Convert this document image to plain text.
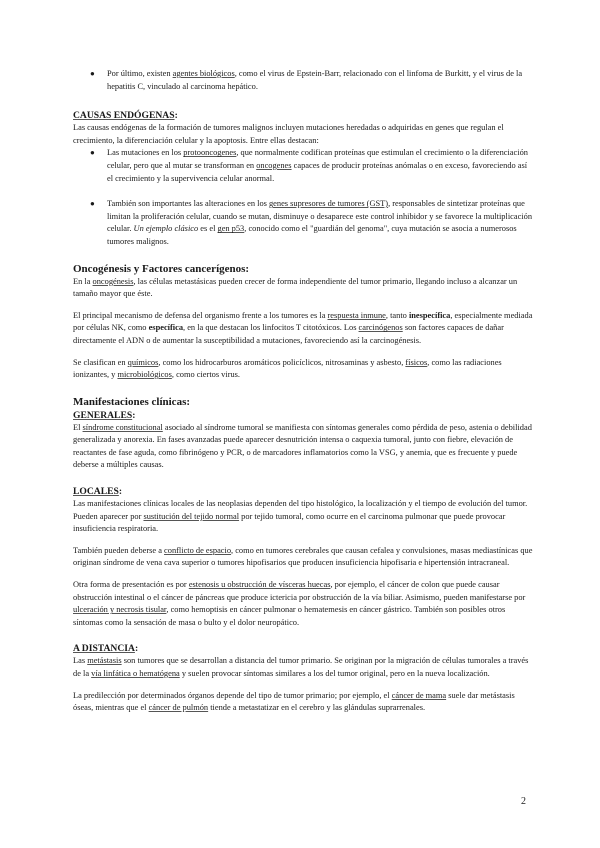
● Por último, existen agentes biológicos, como el virus de Epstein-Barr, relacionado con el linfoma de Burkitt, y el virus de la hepatitis C, vinculado al carcinoma hepático.

CAUSAS ENDÓGENAS:

Las causas endógenas de la formación de tumores malignos incluyen mutaciones heredadas o adquiridas en genes que regulan el crecimiento, la diferenciación celular y la apoptosis. Entre ellas destacan:

● Las mutaciones en los protooncogenes, que normalmente codifican proteínas que estimulan el crecimiento o la diferenciación celular, pero que al mutar se transforman en oncogenes capaces de producir proteínas anómalas o en exceso, favoreciendo así el crecimiento y la supervivencia celular anormal.

● También son importantes las alteraciones en los genes supresores de tumores (GST), responsables de sintetizar proteínas que limitan la proliferación celular, cuando se mutan, disminuye o desaparece este control inhibidor y se favorece la multiplicación celular. Un ejemplo clásico es el gen p53, conocido como el "guardián del genoma", cuya mutación se asocia a numerosos tumores malignos.

Oncogénesis y Factores cancerígenos:

En la oncogénesis, las células metastásicas pueden crecer de forma independiente del tumor primario, llegando incluso a alcanzar un tamaño mayor que éste.

El principal mecanismo de defensa del organismo frente a los tumores es la respuesta inmune, tanto inespecífica, especialmente mediada por células NK, como específica, en la que destacan los linfocitos T citotóxicos. Los carcinógenos son factores capaces de dañar directamente el ADN o de aumentar la susceptibilidad a mutaciones, favoreciendo así la carcinogénesis.

Se clasifican en químicos, como los hidrocarburos aromáticos policíclicos, nitrosaminas y asbesto, físicos, como las radiaciones ionizantes, y microbiológicos, como ciertos virus.

Manifestaciones clínicas:

GENERALES:

El síndrome constitucional asociado al síndrome tumoral se manifiesta con síntomas generales como pérdida de peso, astenia o debilidad generalizada y anorexia. En fases avanzadas puede aparecer desnutrición intensa o caquexia tumoral, junto con fiebre, elevación de reactantes de fase aguda, como fibrinógeno y PCR, o de marcadores inflamatorios como la VSG, y anemia, que es frecuente y puede deberse a múltiples causas.

LOCALES:

Las manifestaciones clínicas locales de las neoplasias dependen del tipo histológico, la localización y el tiempo de evolución del tumor. Pueden aparecer por sustitución del tejido normal por tejido tumoral, como ocurre en el carcinoma pulmonar que puede provocar insuficiencia respiratoria.

También pueden deberse a conflicto de espacio, como en tumores cerebrales que causan cefalea y convulsiones, masas mediastínicas que originan síndrome de vena cava superior o tumores hipofisarios que producen insuficiencia hipofisaria e hipertensión intracraneal.

Otra forma de presentación es por estenosis u obstrucción de vísceras huecas, por ejemplo, el cáncer de colon que puede causar obstrucción intestinal o el cáncer de páncreas que produce ictericia por obstrucción de la vía biliar. Asimismo, pueden manifestarse por ulceración y necrosis tisular, como hemoptisis en cáncer pulmonar o hematemesis en cáncer gástrico. También son posibles otros síntomas como la sensación de masa o bulto y el dolor neuropático.

A DISTANCIA:

Las metástasis son tumores que se desarrollan a distancia del tumor primario. Se originan por la migración de células tumorales a través de la vía linfática o hematógena y suelen provocar síntomas similares a los del tumor original, pero en la nueva localización.

La predilección por determinados órganos depende del tipo de tumor primario; por ejemplo, el cáncer de mama suele dar metástasis óseas, mientras que el cáncer de pulmón tiende a metastatizar en el cerebro y las glándulas suprarrenales.

2
